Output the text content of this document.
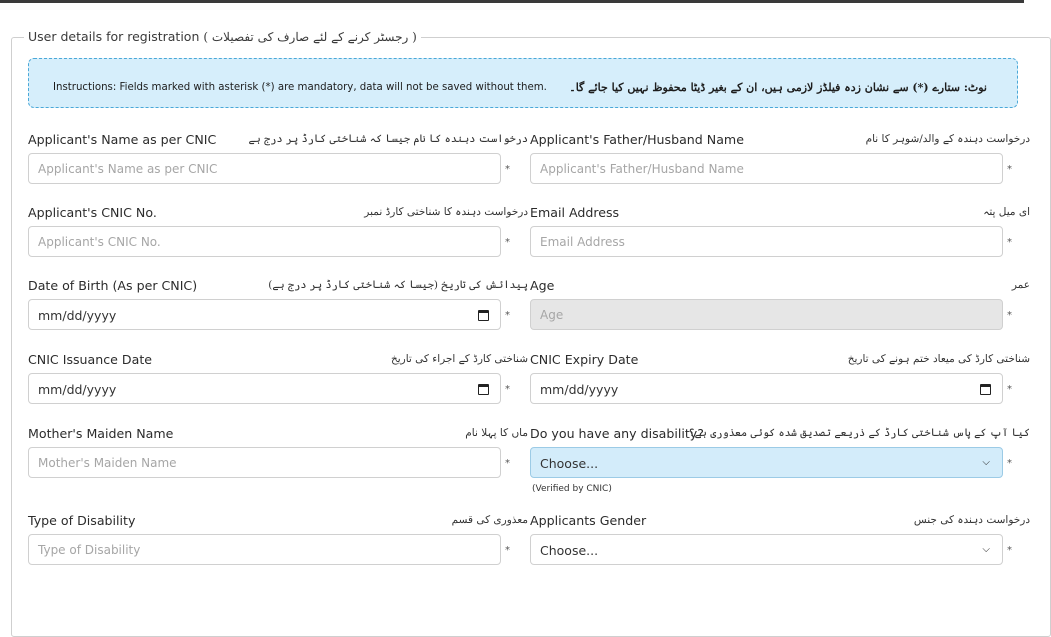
User details for registration ( رجسٹر کرنے کے لئے صارف کی تفصیلات )
Instructions: Fields marked with asterisk (*) are mandatory, data will not be saved without them. نوٹ: ستارے (*) سے نشان زدہ فیلڈز لازمی ہیں، ان کے بغیر ڈیٹا محفوظ نہیں کیا جائے گا۔
Applicant's Name as per CNIC	درخواست دہندہ کا نام جیسا کہ شناختی کارڈ پر درج ہے
Applicant's Name as per CNIC	*
Applicant's Father/Husband Name	درخواست دہندہ کے والد/شوہر کا نام
Applicant's Father/Husband Name	*
Applicant's CNIC No.	درخواست دہندہ کا شناختی کارڈ نمبر
Applicant's CNIC No.	*
Email Address	ای میل پتہ
Email Address	*
Date of Birth (As per CNIC)	پیدائش کی تاریخ (جیسا کہ شناختی کارڈ پر درج ہے)
mm/dd/yyyy	*
Age	عمر
Age	*
CNIC Issuance Date	شناختی کارڈ کے اجراء کی تاریخ
mm/dd/yyyy	*
CNIC Expiry Date	شناختی کارڈ کی میعاد ختم ہونے کی تاریخ
mm/dd/yyyy	*
Mother's Maiden Name	ماں کا پہلا نام
Mother's Maiden Name	*
Do you have any disability?
کیا آپ کے پاس شناختی کارڈ کے ذریعے تصدیق شدہ کوئی معذوری ہے؟
Choose...	⌵ *
(Verified by CNIC)
Type of Disability	معذوری کی قسم
Type of Disability	*
Applicants Gender	درخواست دہندہ کی جنس
Choose...	⌵ *
